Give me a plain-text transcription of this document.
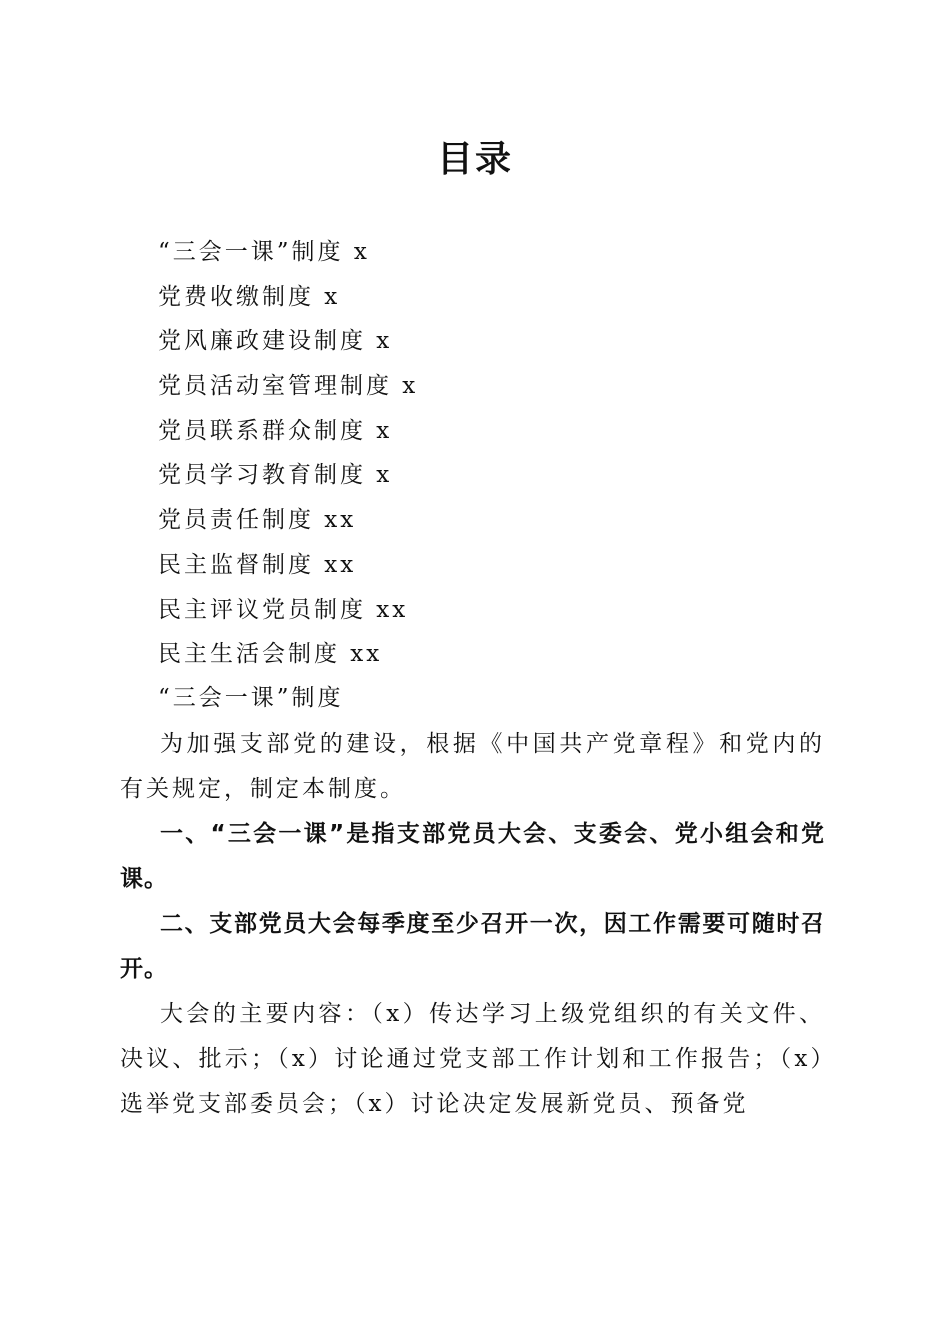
目录
“三会一课”制度 x
党费收缴制度 x
党风廉政建设制度 x
党员活动室管理制度 x
党员联系群众制度 x
党员学习教育制度 x
党员责任制度 xx
民主监督制度 xx
民主评议党员制度 xx
民主生活会制度 xx

“三会一课”制度

为加强支部党的建设，根据《中国共产党章程》和党内的有关规定，制定本制度。

一、“三会一课”是指支部党员大会、支委会、党小组会和党课。

二、支部党员大会每季度至少召开一次，因工作需要可随时召开。

大会的主要内容：（x）传达学习上级党组织的有关文件、决议、批示；（x）讨论通过党支部工作计划和工作报告；（x）选举党支部委员会；（x）讨论决定发展新党员、预备党
